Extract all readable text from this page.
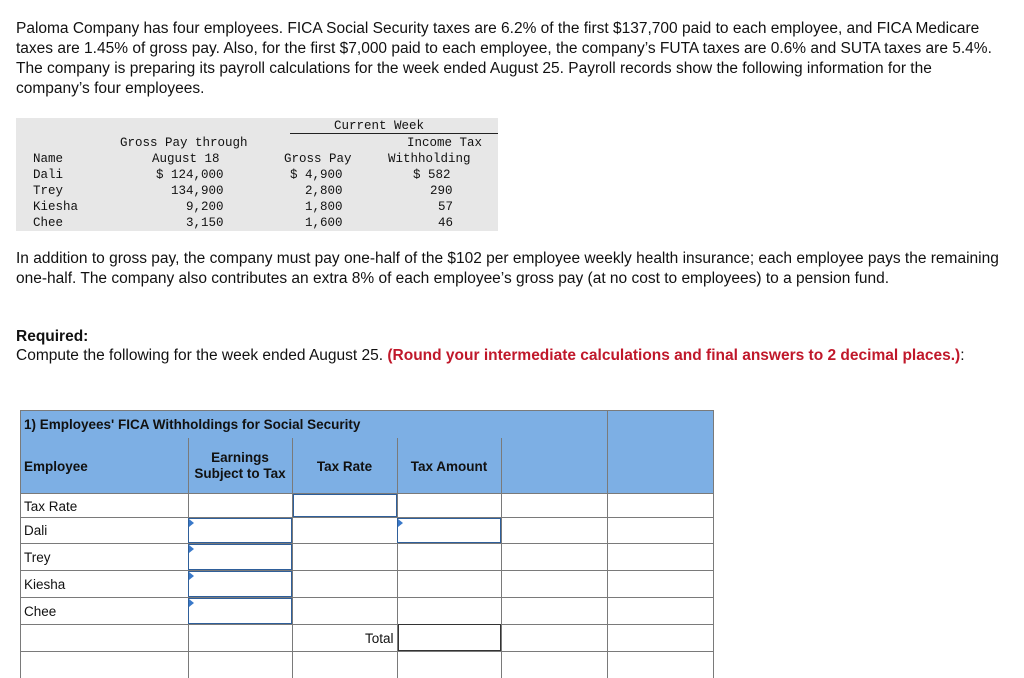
Paloma Company has four employees. FICA Social Security taxes are 6.2% of the first $137,700 paid to each employee, and FICA Medicare taxes are 1.45% of gross pay. Also, for the first $7,000 paid to each employee, the company’s FUTA taxes are 0.6% and SUTA taxes are 5.4%. The company is preparing its payroll calculations for the week ended August 25. Payroll records show the following information for the company’s four employees.
Current Week
Gross Pay through	Income Tax
Name	August 18	Gross Pay	Withholding
Dali	$ 124,000	$ 4,900	$ 582
Trey	134,900	2,800	290
Kiesha	9,200	1,800	57
Chee	3,150	1,600	46
In addition to gross pay, the company must pay one-half of the $102 per employee weekly health insurance; each employee pays the remaining one-half. The company also contributes an extra 8% of each employee’s gross pay (at no cost to employees) to a pension fund.
Required:
Compute the following for the week ended August 25. (Round your intermediate calculations and final answers to 2 decimal places.):
1) Employees' FICA Withholdings for Social Security
Employee
Earnings
Subject to Tax	Tax Rate	Tax Amount
Tax Rate
Dali
Trey
Kiesha
Chee
Total
